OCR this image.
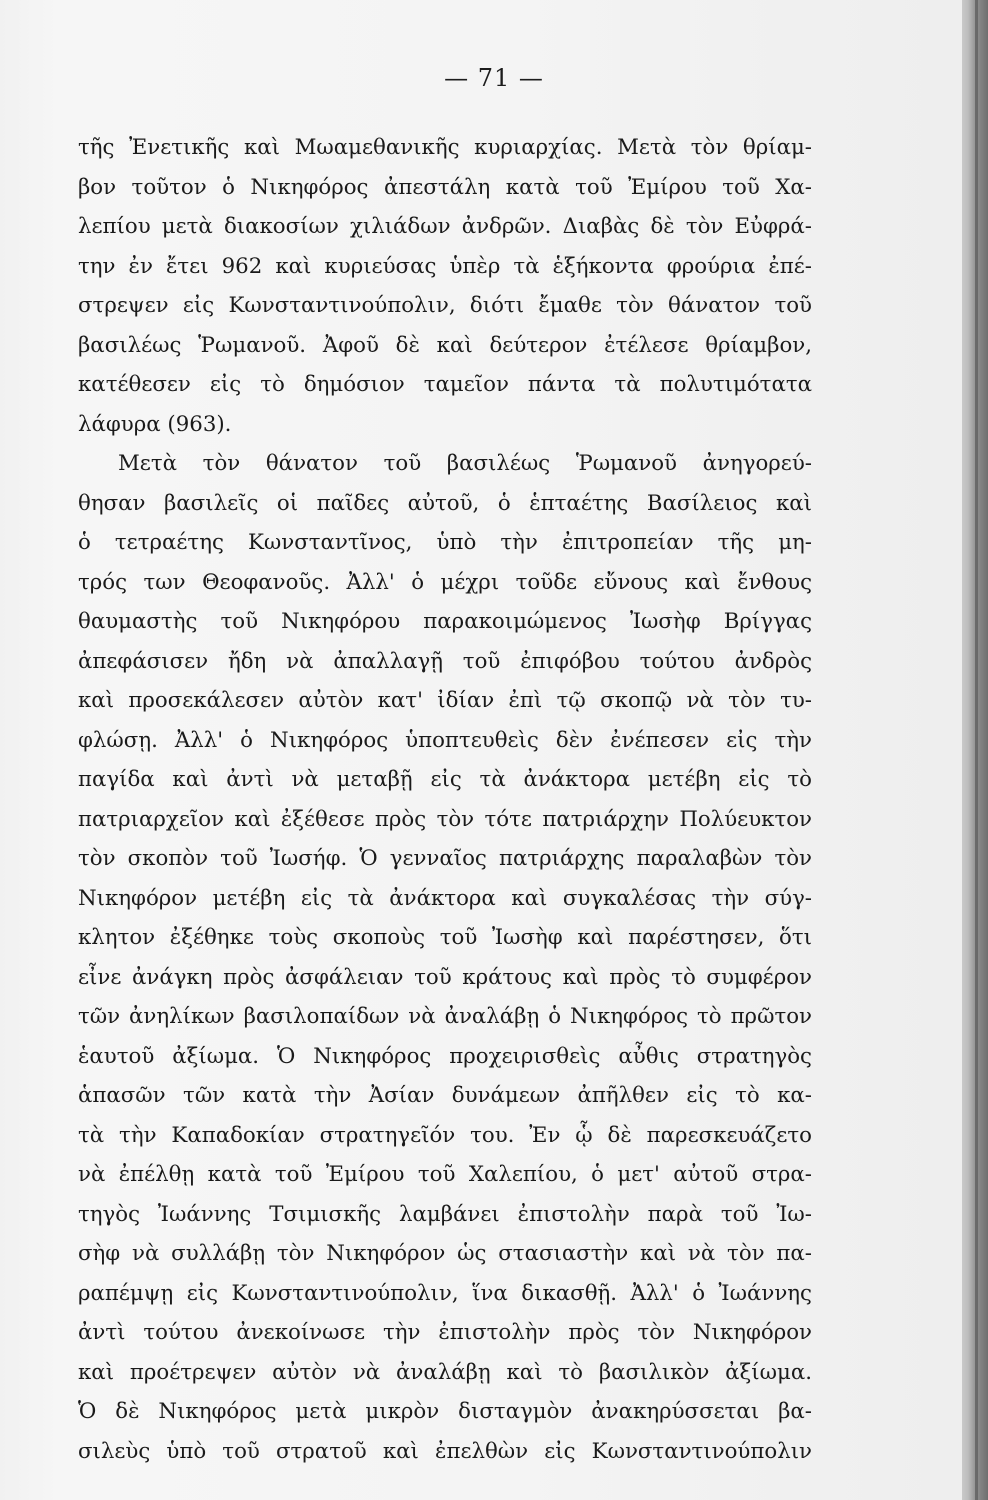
— 71 —
τῆς Ἐνετικῆς καὶ Μωαμεθανικῆς κυριαρχίας. Μετὰ τὸν θρίαμ-
βον τοῦτον ὁ Νικηφόρος ἀπεστάλη κατὰ τοῦ Ἐμίρου τοῦ Χα-
λεπίου μετὰ διακοσίων χιλιάδων ἀνδρῶν. Διαβὰς δὲ τὸν Εὐφρά-
την ἐν ἔτει 962 καὶ κυριεύσας ὑπὲρ τὰ ἑξήκοντα φρούρια ἐπέ-
στρεψεν εἰς Κωνσταντινούπολιν, διότι ἔμαθε τὸν θάνατον τοῦ
βασιλέως Ῥωμανοῦ. Ἀφοῦ δὲ καὶ δεύτερον ἐτέλεσε θρίαμβον,
κατέθεσεν εἰς τὸ δημόσιον ταμεῖον πάντα τὰ πολυτιμότατα
λάφυρα (963).
Μετὰ τὸν θάνατον τοῦ βασιλέως Ῥωμανοῦ ἀνηγορεύ-
θησαν βασιλεῖς οἱ παῖδες αὐτοῦ, ὁ ἑπταέτης Βασίλειος καὶ
ὁ τετραέτης Κωνσταντῖνος, ὑπὸ τὴν ἐπιτροπείαν τῆς μη-
τρός των Θεοφανοῦς. Ἀλλ' ὁ μέχρι τοῦδε εὔνους καὶ ἔνθους
θαυμαστὴς τοῦ Νικηφόρου παρακοιμώμενος Ἰωσὴφ Βρίγγας
ἀπεφάσισεν ἤδη νὰ ἀπαλλαγῇ τοῦ ἐπιφόβου τούτου ἀνδρὸς
καὶ προσεκάλεσεν αὐτὸν κατ' ἰδίαν ἐπὶ τῷ σκοπῷ νὰ τὸν τυ-
φλώσῃ. Ἀλλ' ὁ Νικηφόρος ὑποπτευθεὶς δὲν ἐνέπεσεν εἰς τὴν
παγίδα καὶ ἀντὶ νὰ μεταβῇ εἰς τὰ ἀνάκτορα μετέβη εἰς τὸ
πατριαρχεῖον καὶ ἐξέθεσε πρὸς τὸν τότε πατριάρχην Πολύευκτον
τὸν σκοπὸν τοῦ Ἰωσήφ. Ὁ γενναῖος πατριάρχης παραλαβὼν τὸν
Νικηφόρον μετέβη εἰς τὰ ἀνάκτορα καὶ συγκαλέσας τὴν σύγ-
κλητον ἐξέθηκε τοὺς σκοποὺς τοῦ Ἰωσὴφ καὶ παρέστησεν, ὅτι
εἶνε ἀνάγκη πρὸς ἀσφάλειαν τοῦ κράτους καὶ πρὸς τὸ συμφέρον
τῶν ἀνηλίκων βασιλοπαίδων νὰ ἀναλάβῃ ὁ Νικηφόρος τὸ πρῶτον
ἑαυτοῦ ἀξίωμα. Ὁ Νικηφόρος προχειρισθεὶς αὖθις στρατηγὸς
ἁπασῶν τῶν κατὰ τὴν Ἀσίαν δυνάμεων ἀπῆλθεν εἰς τὸ κα-
τὰ τὴν Καπαδοκίαν στρατηγεῖόν του. Ἐν ᾧ δὲ παρεσκευάζετο
νὰ ἐπέλθῃ κατὰ τοῦ Ἐμίρου τοῦ Χαλεπίου, ὁ μετ' αὐτοῦ στρα-
τηγὸς Ἰωάννης Τσιμισκῆς λαμβάνει ἐπιστολὴν παρὰ τοῦ Ἰω-
σὴφ νὰ συλλάβῃ τὸν Νικηφόρον ὡς στασιαστὴν καὶ νὰ τὸν πα-
ραπέμψῃ εἰς Κωνσταντινούπολιν, ἵνα δικασθῇ. Ἀλλ' ὁ Ἰωάννης
ἀντὶ τούτου ἀνεκοίνωσε τὴν ἐπιστολὴν πρὸς τὸν Νικηφόρον
καὶ προέτρεψεν αὐτὸν νὰ ἀναλάβῃ καὶ τὸ βασιλικὸν ἀξίωμα.
Ὁ δὲ Νικηφόρος μετὰ μικρὸν δισταγμὸν ἀνακηρύσσεται βα-
σιλεὺς ὑπὸ τοῦ στρατοῦ καὶ ἐπελθὼν εἰς Κωνσταντινούπολιν
